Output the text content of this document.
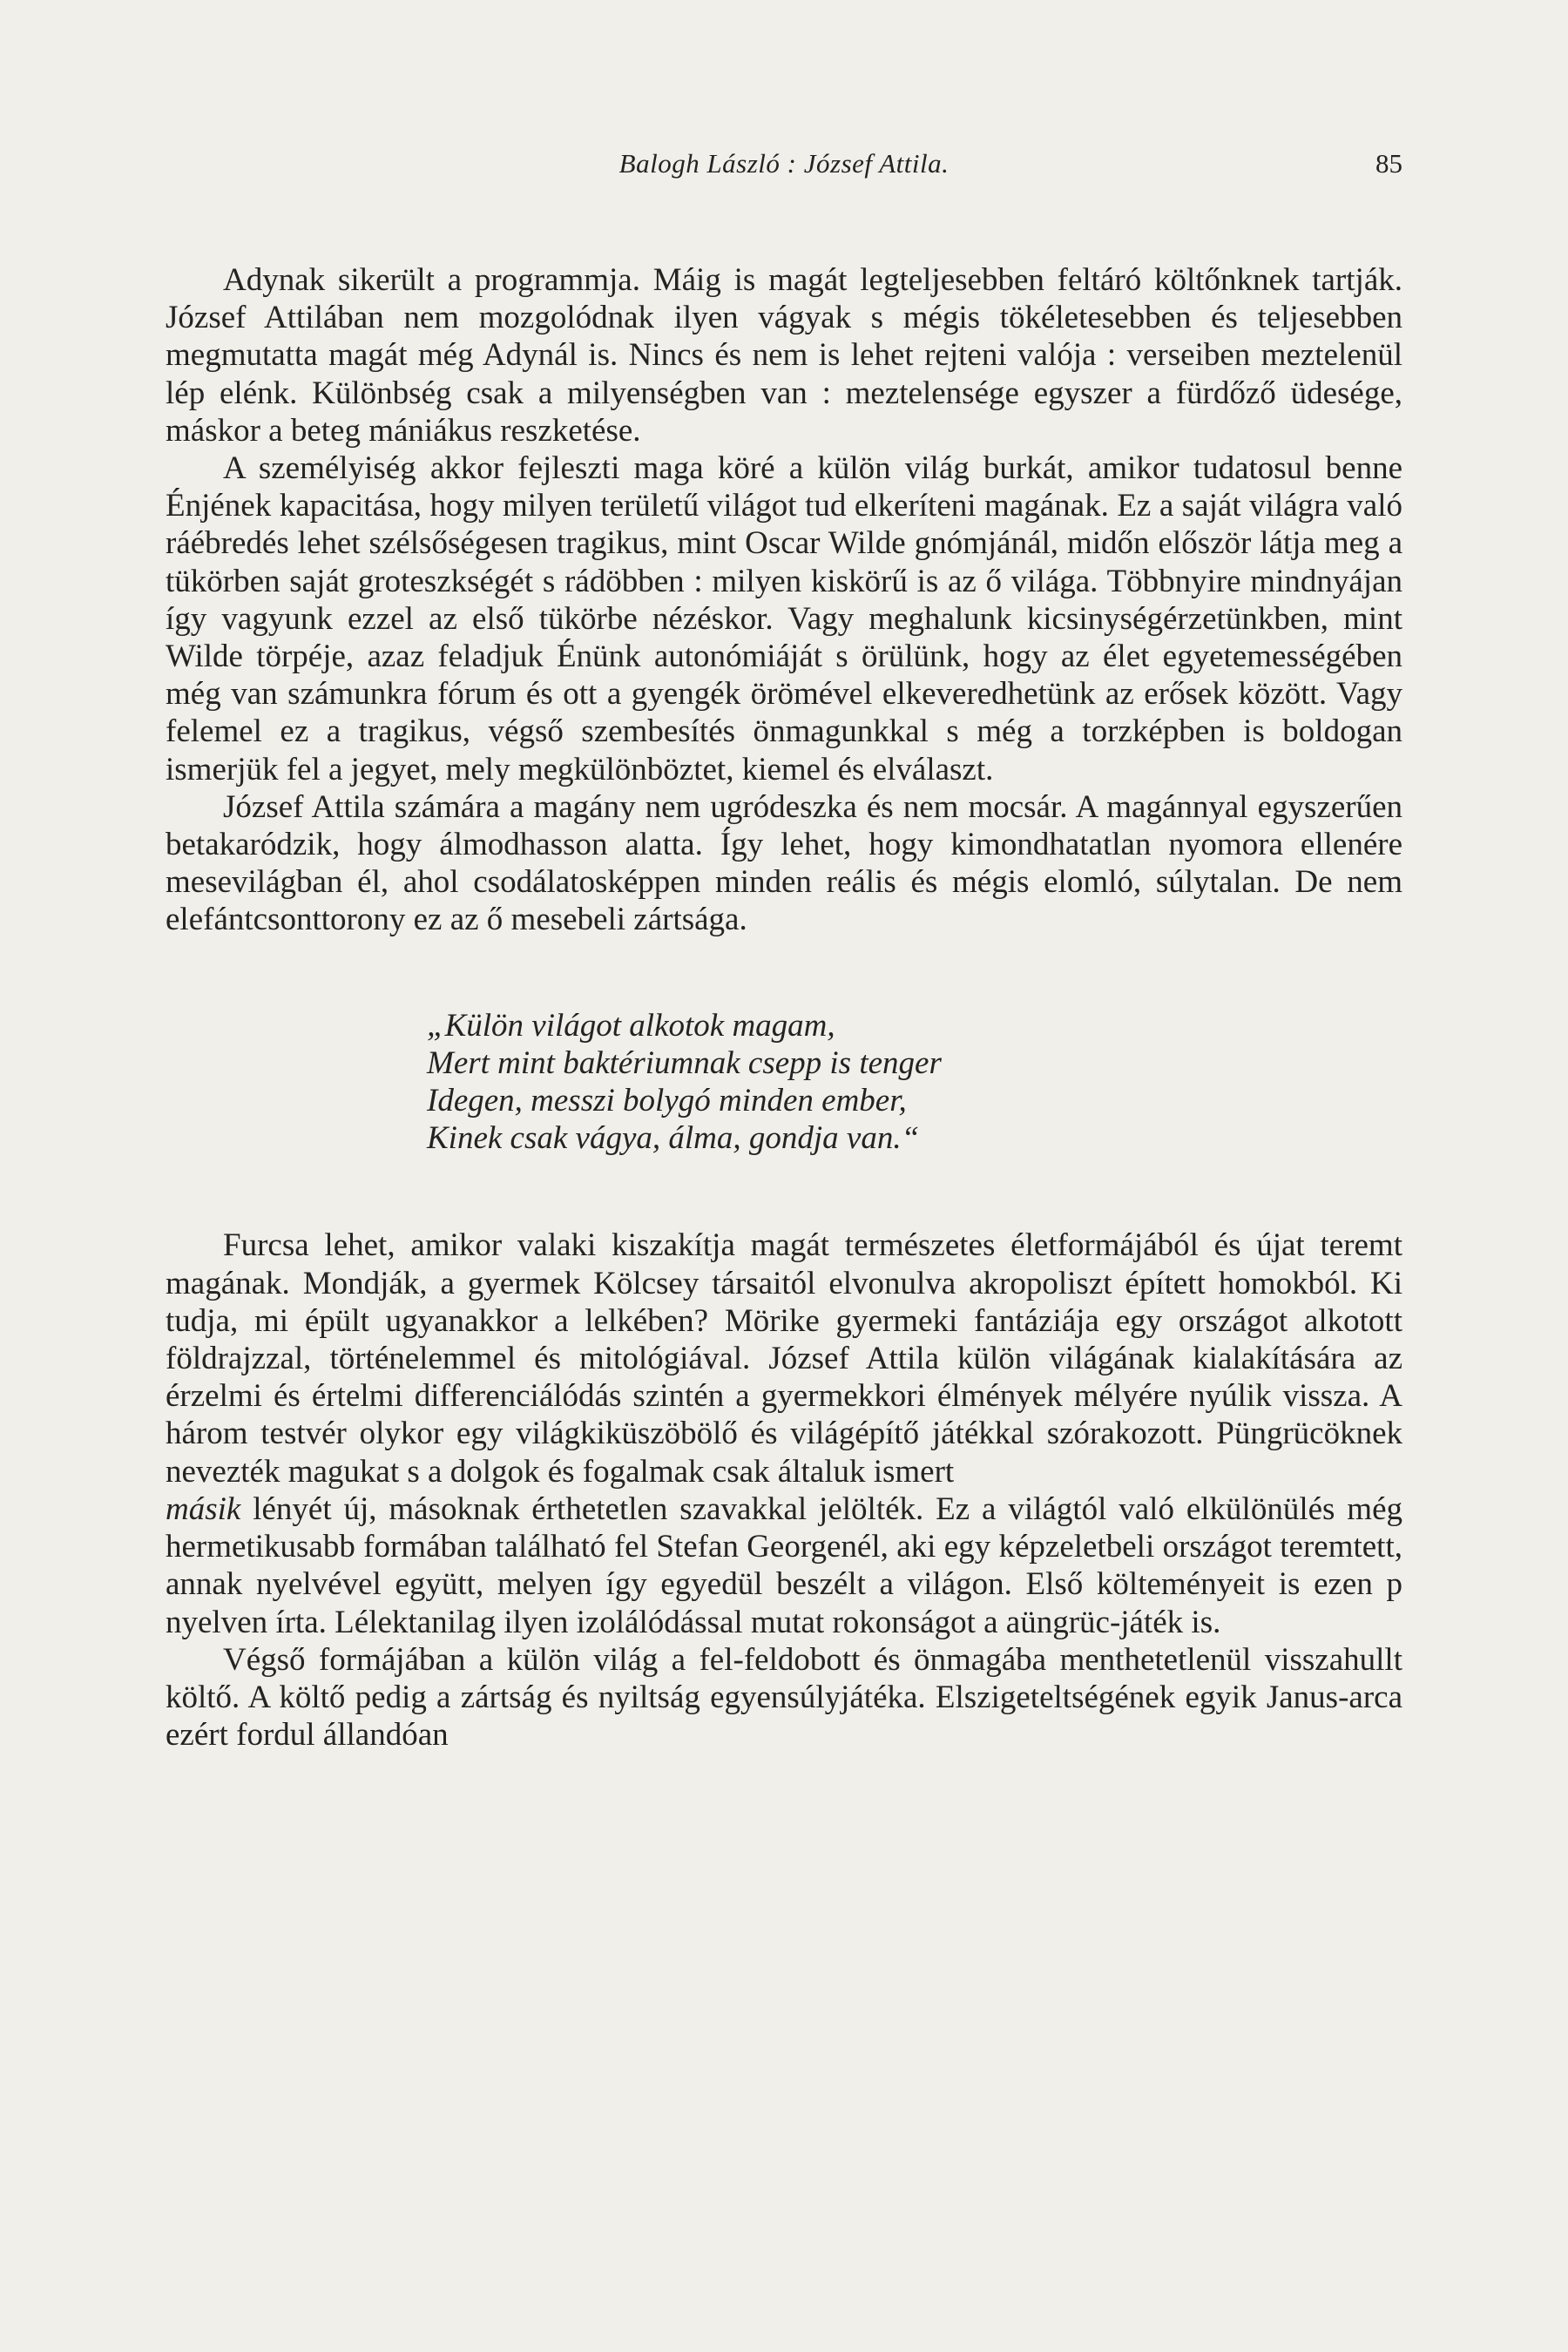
Balogh László : József Attila.	85

Adynak sikerült a programmja. Máig is magát legteljesebben feltáró költőnknek tartják. József Attilában nem mozgolódnak ilyen vágyak s mégis tökéletesebben és teljesebben megmutatta magát még Adynál is. Nincs és nem is lehet rejteni valója : verseiben meztelenül lép elénk. Különbség csak a milyenségben van : meztelensége egyszer a fürdőző üdesége, máskor a beteg mániákus reszketése.

A személyiség akkor fejleszti maga köré a külön világ burkát, amikor tudatosul benne Énjének kapacitása, hogy milyen területű világot tud elkeríteni magának. Ez a saját világra való ráébredés lehet szélsőségesen tragikus, mint Oscar Wilde gnómjánál, midőn először látja meg a tükörben saját groteszkségét s rádöbben : milyen kiskörű is az ő világa. Többnyire mindnyájan így vagyunk ezzel az első tükörbe nézéskor. Vagy meghalunk kicsinységérzetünkben, mint Wilde törpéje, azaz feladjuk Énünk autonómiáját s örülünk, hogy az élet egyetemességében még van számunkra fórum és ott a gyengék örömével elkeveredhetünk az erősek között. Vagy felemel ez a tragikus, végső szembesítés önmagunkkal s még a torzképben is boldogan ismerjük fel a jegyet, mely megkülönböztet, kiemel és elválaszt.

József Attila számára a magány nem ugródeszka és nem mocsár. A magánnyal egyszerűen betakaródzik, hogy álmodhasson alatta. Így lehet, hogy kimondhatatlan nyomora ellenére mesevilágban él, ahol csodálatosképpen minden reális és mégis elomló, súlytalan. De nem elefántcsonttorony ez az ő mesebeli zártsága.

„Külön világot alkotok magam,
Mert mint baktériumnak csepp is tenger
Idegen, messzi bolygó minden ember,
Kinek csak vágya, álma, gondja van.“

Furcsa lehet, amikor valaki kiszakítja magát természetes életformájából és újat teremt magának. Mondják, a gyermek Kölcsey társaitól elvonulva akropoliszt épített homokból. Ki tudja, mi épült ugyanakkor a lelkében? Mörike gyermeki fantáziája egy országot alkotott földrajzzal, történelemmel és mitológiával. József Attila külön világának kialakítására az érzelmi és értelmi differenciálódás szintén a gyermekkori élmények mélyére nyúlik vissza. A három testvér olykor egy világkiküszöbölő és világépítő játékkal szórakozott. Püngrücöknek nevezték magukat s a dolgok és fogalmak csak általuk ismert

másik lényét új, másoknak érthetetlen szavakkal jelölték. Ez a világtól való elkülönülés még hermetikusabb formában található fel Stefan Georgenél, aki egy képzeletbeli országot teremtett, annak nyelvével együtt, melyen így egyedül beszélt a világon. Első költeményeit is ezen p nyelven írta. Lélektanilag ilyen izolálódással mutat rokonságot a aüngrüc-játék is.

Végső formájában a külön világ a fel-feldobott és önmagába menthetetlenül visszahullt költő. A költő pedig a zártság és nyiltság egyensúlyjátéka. Elszigeteltségének egyik Janus-arca ezért fordul állandóan
